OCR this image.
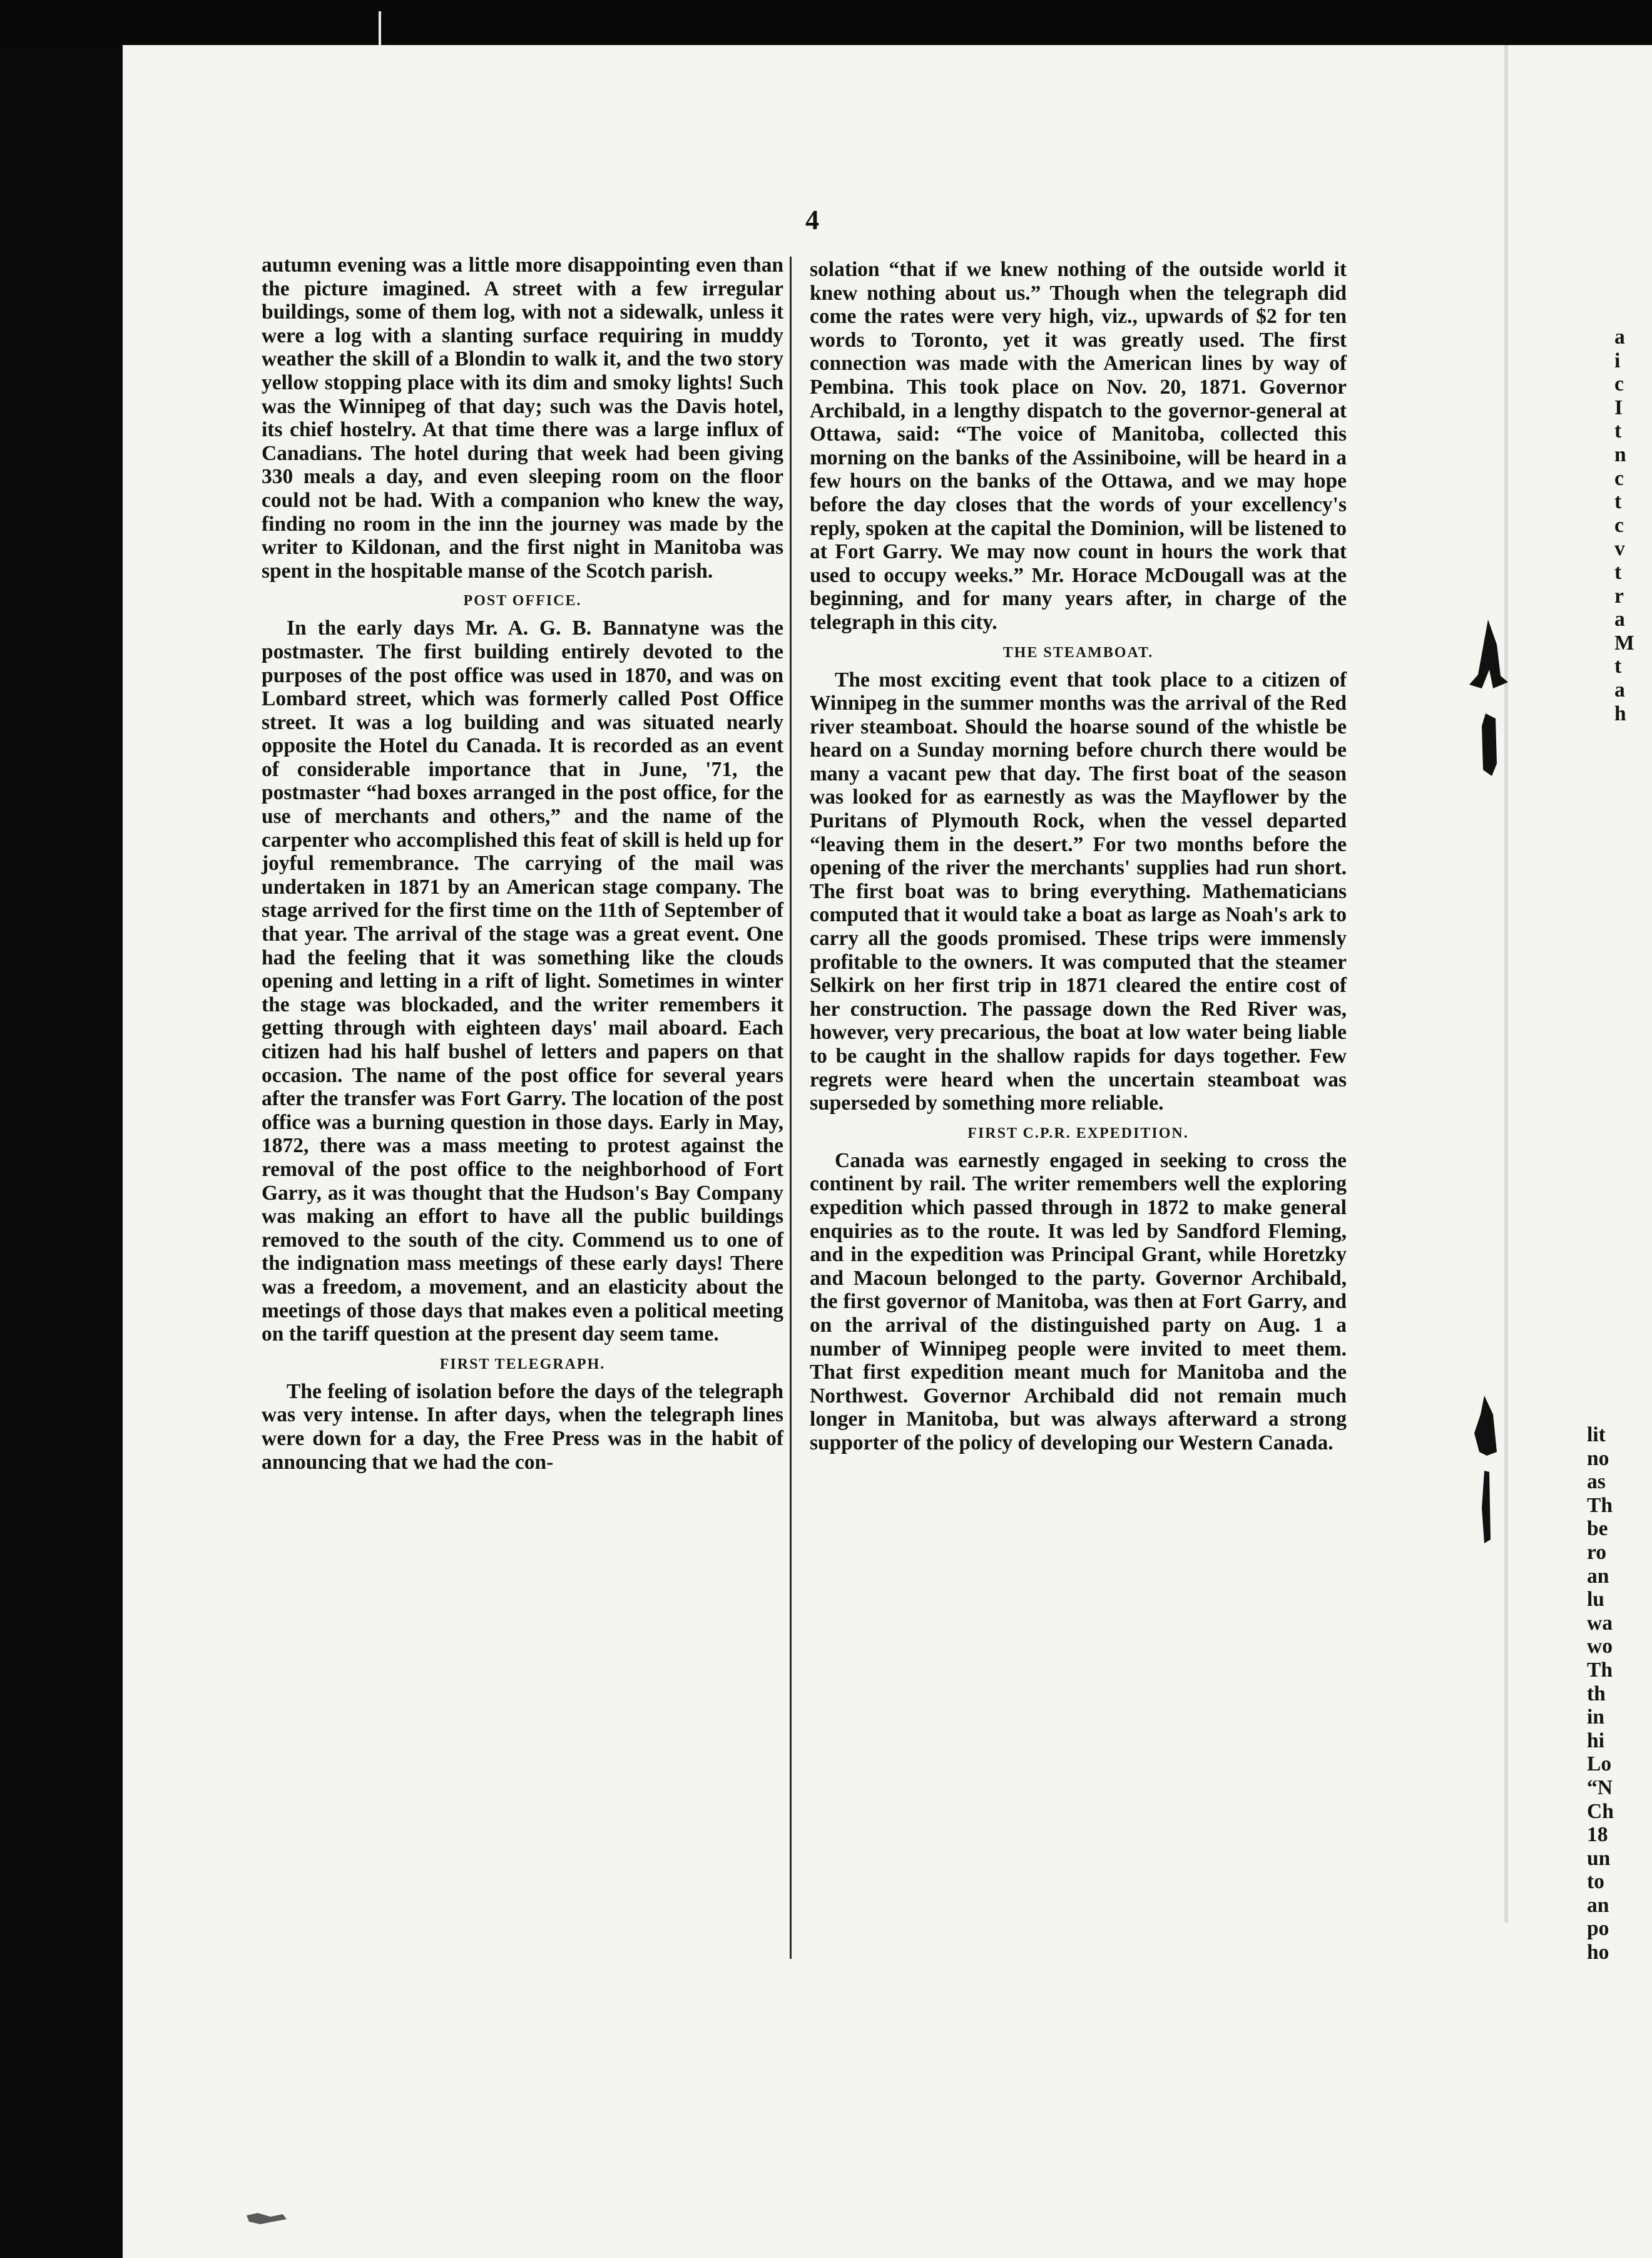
4

autumn evening was a little more disappointing even than the picture imagined. A street with a few irregular buildings, some of them log, with not a sidewalk, unless it were a log with a slanting surface requiring in muddy weather the skill of a Blondin to walk it, and the two story yellow stopping place with its dim and smoky lights! Such was the Winnipeg of that day; such was the Davis hotel, its chief hostelry. At that time there was a large influx of Canadians. The hotel during that week had been giving 330 meals a day, and even sleeping room on the floor could not be had. With a companion who knew the way, finding no room in the inn the journey was made by the writer to Kildonan, and the first night in Manitoba was spent in the hospitable manse of the Scotch parish.

POST OFFICE.

In the early days Mr. A. G. B. Bannatyne was the postmaster. The first building entirely devoted to the purposes of the post office was used in 1870, and was on Lombard street, which was formerly called Post Office street. It was a log building and was situated nearly opposite the Hotel du Canada. It is recorded as an event of considerable importance that in June, '71, the postmaster “had boxes arranged in the post office, for the use of merchants and others,” and the name of the carpenter who accomplished this feat of skill is held up for joyful remembrance. The carrying of the mail was undertaken in 1871 by an American stage company. The stage arrived for the first time on the 11th of September of that year. The arrival of the stage was a great event. One had the feeling that it was something like the clouds opening and letting in a rift of light. Sometimes in winter the stage was blockaded, and the writer remembers it getting through with eighteen days' mail aboard. Each citizen had his half bushel of letters and papers on that occasion. The name of the post office for several years after the transfer was Fort Garry. The location of the post office was a burning question in those days. Early in May, 1872, there was a mass meeting to protest against the removal of the post office to the neighborhood of Fort Garry, as it was thought that the Hudson's Bay Company was making an effort to have all the public buildings removed to the south of the city. Commend us to one of the indignation mass meetings of these early days! There was a freedom, a movement, and an elasticity about the meetings of those days that makes even a political meeting on the tariff question at the present day seem tame.

FIRST TELEGRAPH.

The feeling of isolation before the days of the telegraph was very intense. In after days, when the telegraph lines were down for a day, the Free Press was in the habit of announcing that we had the con-

solation “that if we knew nothing of the outside world it knew nothing about us.” Though when the telegraph did come the rates were very high, viz., upwards of $2 for ten words to Toronto, yet it was greatly used. The first connection was made with the American lines by way of Pembina. This took place on Nov. 20, 1871. Governor Archibald, in a lengthy dispatch to the governor-general at Ottawa, said: “The voice of Manitoba, collected this morning on the banks of the Assiniboine, will be heard in a few hours on the banks of the Ottawa, and we may hope before the day closes that the words of your excellency's reply, spoken at the capital the Dominion, will be listened to at Fort Garry. We may now count in hours the work that used to occupy weeks.” Mr. Horace McDougall was at the beginning, and for many years after, in charge of the telegraph in this city.

THE STEAMBOAT.

The most exciting event that took place to a citizen of Winnipeg in the summer months was the arrival of the Red river steamboat. Should the hoarse sound of the whistle be heard on a Sunday morning before church there would be many a vacant pew that day. The first boat of the season was looked for as earnestly as was the Mayflower by the Puritans of Plymouth Rock, when the vessel departed “leaving them in the desert.” For two months before the opening of the river the merchants' supplies had run short. The first boat was to bring everything. Mathematicians computed that it would take a boat as large as Noah's ark to carry all the goods promised. These trips were immensly profitable to the owners. It was computed that the steamer Selkirk on her first trip in 1871 cleared the entire cost of her construction. The passage down the Red River was, however, very precarious, the boat at low water being liable to be caught in the shallow rapids for days together. Few regrets were heard when the uncertain steamboat was superseded by something more reliable.

FIRST C.P.R. EXPEDITION.

Canada was earnestly engaged in seeking to cross the continent by rail. The writer remembers well the exploring expedition which passed through in 1872 to make general enquiries as to the route. It was led by Sandford Fleming, and in the expedition was Principal Grant, while Horetzky and Macoun belonged to the party. Governor Archibald, the first governor of Manitoba, was then at Fort Garry, and on the arrival of the distinguished party on Aug. 1 a number of Winnipeg people were invited to meet them. That first expedition meant much for Manitoba and the Northwest. Governor Archibald did not remain much longer in Manitoba, but was always afterward a strong supporter of the policy of developing our Western Canada.

a
i
c
I
t
n
c
t
c
v
t
r
a
M
t
a
h
lit
no
as
Th
be
ro
an
lu
wa
wo
Th
th
in
hi
Lo
“N
Ch
18
un
to
an
po
ho
